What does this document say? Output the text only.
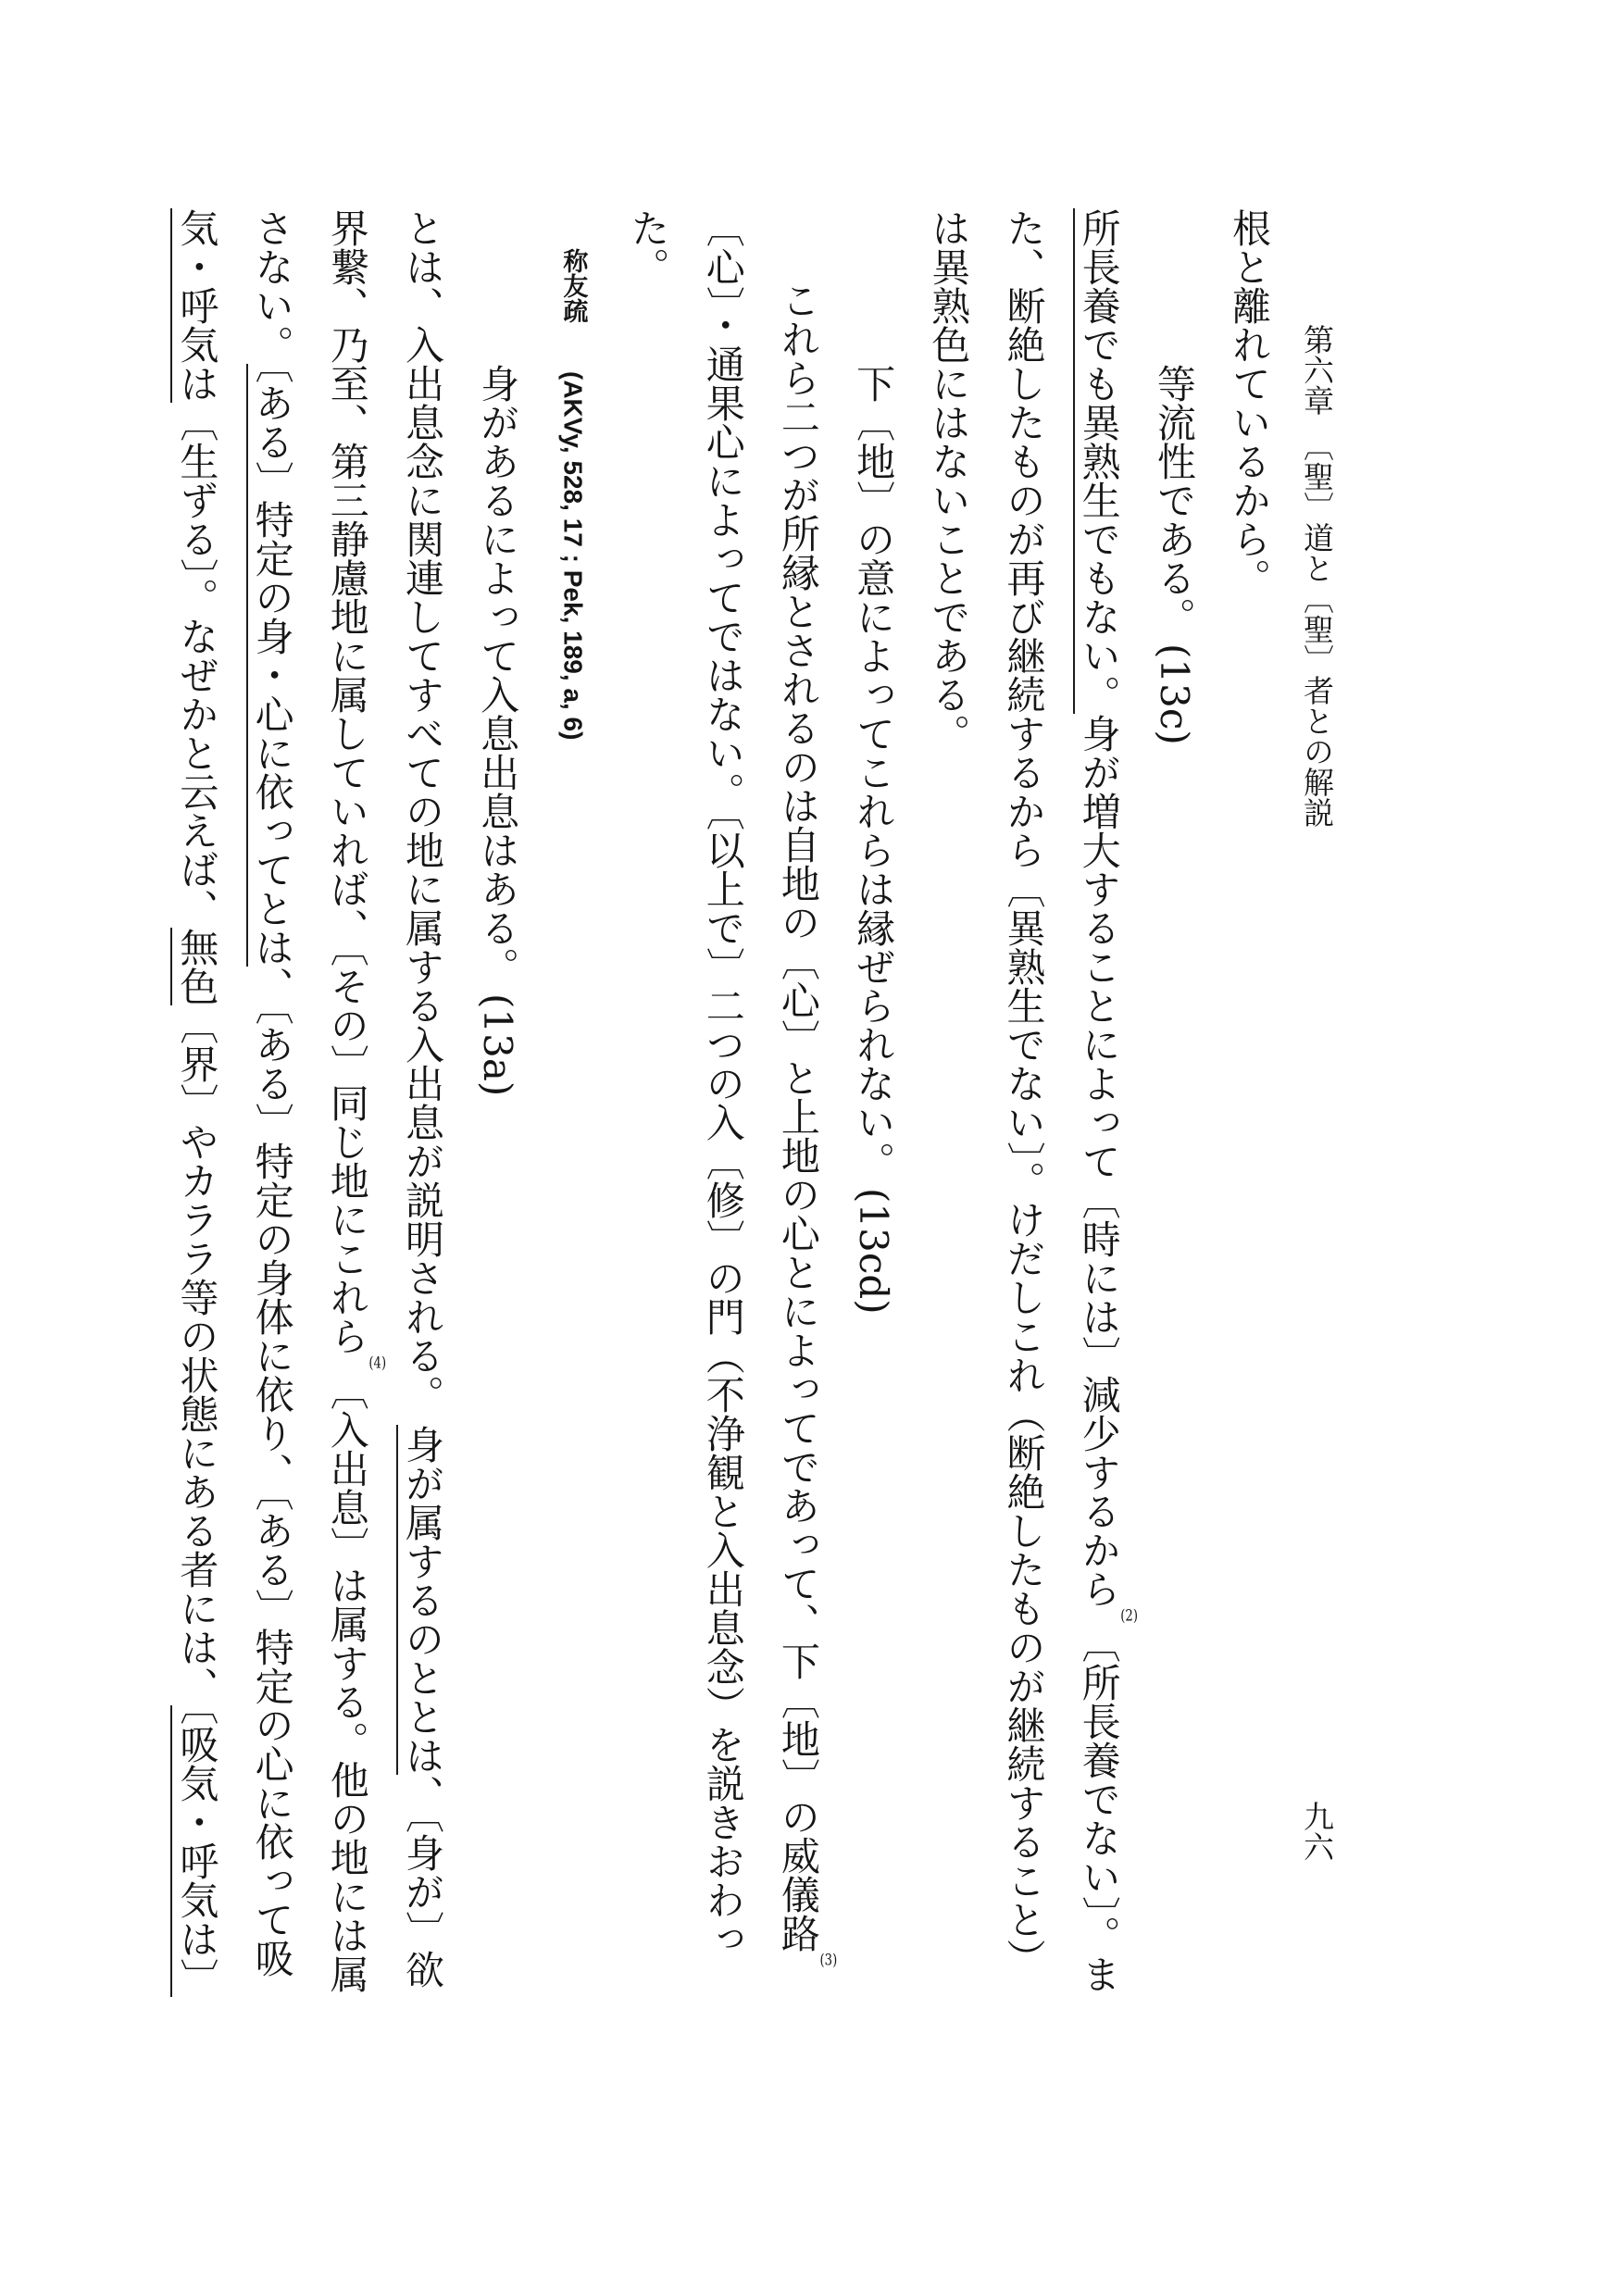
第六章〔聖〕道と〔聖〕者との解説
九六
根と離れているから。
等流性である。(13c)
所長養でも異熟生でもない。身が増大することによって〔時には〕減少するから(2)〔所長養でない〕。ま
た、断絶したものが再び継続するから〔異熟生でない〕。けだしこれ（断絶したものが継続すること）
は異熟色にはないことである。
下〔地〕の意によってこれらは縁ぜられない。(13cd)
これら二つが所縁とされるのは自地の〔心〕と上地の心とによってであって、下〔地〕の威儀路(3)
〔心〕・通果心によってではない。〔以上で〕二つの入〔修〕の門（不浄観と入出息念）を説きおわっ
た。
称友疏(AKVy, 528, 17 ; Pek, 189, a, 6)
身があるによって入息出息はある。(13a)
とは、入出息念に関連してすべての地に属する入出息が説明される。身が属するのととは、〔身が〕欲
界繋、乃至、第三静慮地に属していれば、〔その〕同じ地にこれら(4)〔入出息〕は属する。他の地には属
さない。〔ある〕特定の身・心に依ってとは、〔ある〕特定の身体に依り、〔ある〕特定の心に依って吸
気・呼気は〔生ずる〕。なぜかと云えば、無色〔界〕やカララ等の状態にある者には、〔吸気・呼気は〕
